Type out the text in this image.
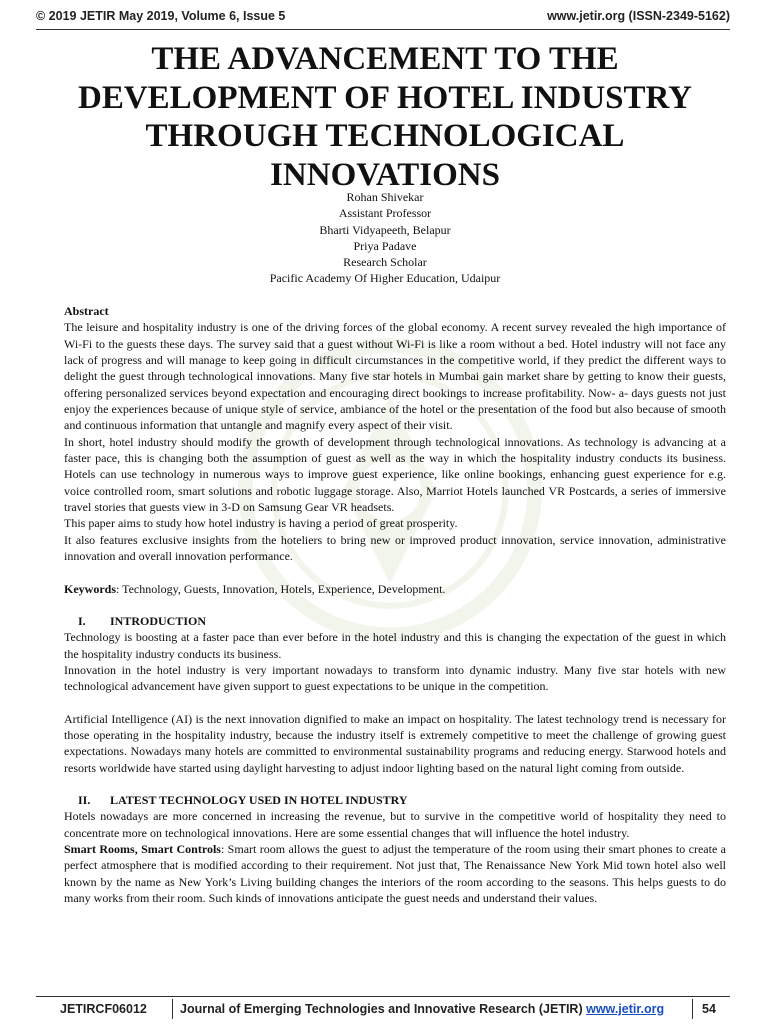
© 2019 JETIR May 2019, Volume 6, Issue 5	www.jetir.org (ISSN-2349-5162)
THE ADVANCEMENT TO THE DEVELOPMENT OF HOTEL INDUSTRY THROUGH TECHNOLOGICAL INNOVATIONS
Rohan Shivekar
Assistant Professor
Bharti Vidyapeeth, Belapur
Priya Padave
Research Scholar
Pacific Academy Of Higher Education, Udaipur

Abstract

The leisure and hospitality industry is one of the driving forces of the global economy. A recent survey revealed the high importance of Wi-Fi to the guests these days. The survey said that a guest without Wi-Fi is like a room without a bed. Hotel industry will not face any lack of progress and will manage to keep going in difficult circumstances in the competitive world, if they predict the different ways to delight the guest through technological innovations. Many five star hotels in Mumbai gain market share by getting to know their guests, offering personalized services beyond expectation and encouraging direct bookings to increase profitability. Now- a- days guests not just enjoy the experiences because of unique style of service, ambiance of the hotel or the presentation of the food but also because of smooth and continuous information that untangle and magnify every aspect of their visit.

In short, hotel industry should modify the growth of development through technological innovations. As technology is advancing at a faster pace, this is changing both the assumption of guest as well as the way in which the hospitality industry conducts its business. Hotels can use technology in numerous ways to improve guest experience, like online bookings, enhancing guest experience for e.g. voice controlled room, smart solutions and robotic luggage storage. Also, Marriot Hotels launched VR Postcards, a series of immersive travel stories that guests view in 3-D on Samsung Gear VR headsets.

This paper aims to study how hotel industry is having a period of great prosperity.

It also features exclusive insights from the hoteliers to bring new or improved product innovation, service innovation, administrative innovation and overall innovation performance.

Keywords: Technology, Guests, Innovation, Hotels, Experience, Development.

I.	INTRODUCTION

Technology is boosting at a faster pace than ever before in the hotel industry and this is changing the expectation of the guest in which the hospitality industry conducts its business.

Innovation in the hotel industry is very important nowadays to transform into dynamic industry. Many five star hotels with new technological advancement have given support to guest expectations to be unique in the competition.

Artificial Intelligence (AI) is the next innovation dignified to make an impact on hospitality. The latest technology trend is necessary for those operating in the hospitality industry, because the industry itself is extremely competitive to meet the challenge of growing guest expectations. Nowadays many hotels are committed to environmental sustainability programs and reducing energy. Starwood hotels and resorts worldwide have started using daylight harvesting to adjust indoor lighting based on the natural light coming from outside.

II.	LATEST TECHNOLOGY USED IN HOTEL INDUSTRY

Hotels nowadays are more concerned in increasing the revenue, but to survive in the competitive world of hospitality they need to concentrate more on technological innovations. Here are some essential changes that will influence the hotel industry.

Smart Rooms, Smart Controls: Smart room allows the guest to adjust the temperature of the room using their smart phones to create a perfect atmosphere that is modified according to their requirement. Not just that, The Renaissance New York Mid town hotel also well known by the name as New York’s Living building changes the interiors of the room according to the seasons. This helps guests to do many works from their room. Such kinds of innovations anticipate the guest needs and understand their values.

JETIRCF06012	Journal of Emerging Technologies and Innovative Research (JETIR) www.jetir.org	54
